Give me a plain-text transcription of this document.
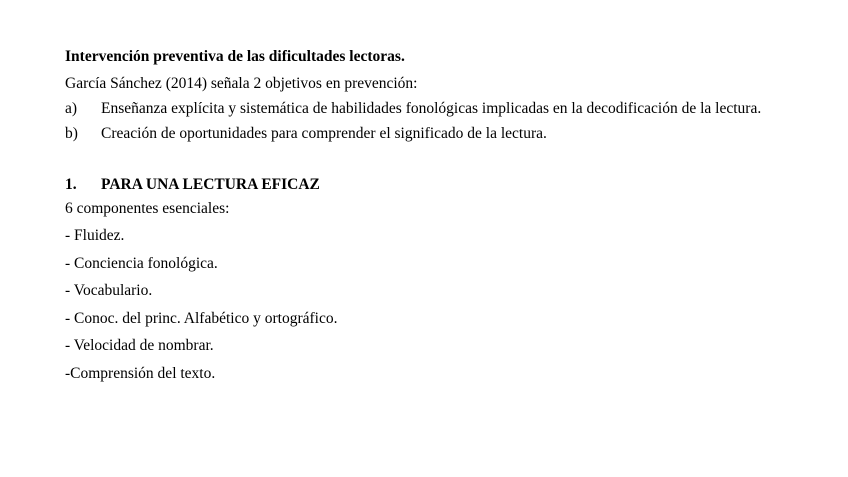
Intervención preventiva de las dificultades lectoras.
García Sánchez (2014) señala 2 objetivos en prevención:
a)	Enseñanza explícita y sistemática de habilidades fonológicas implicadas en la decodificación de la lectura.
b)	Creación de oportunidades para comprender el significado de la lectura.
1.	PARA UNA LECTURA EFICAZ
6 componentes esenciales:
- Fluidez.
- Conciencia fonológica.
- Vocabulario.
- Conoc. del princ. Alfabético y ortográfico.
- Velocidad de nombrar.
-Comprensión del texto.
